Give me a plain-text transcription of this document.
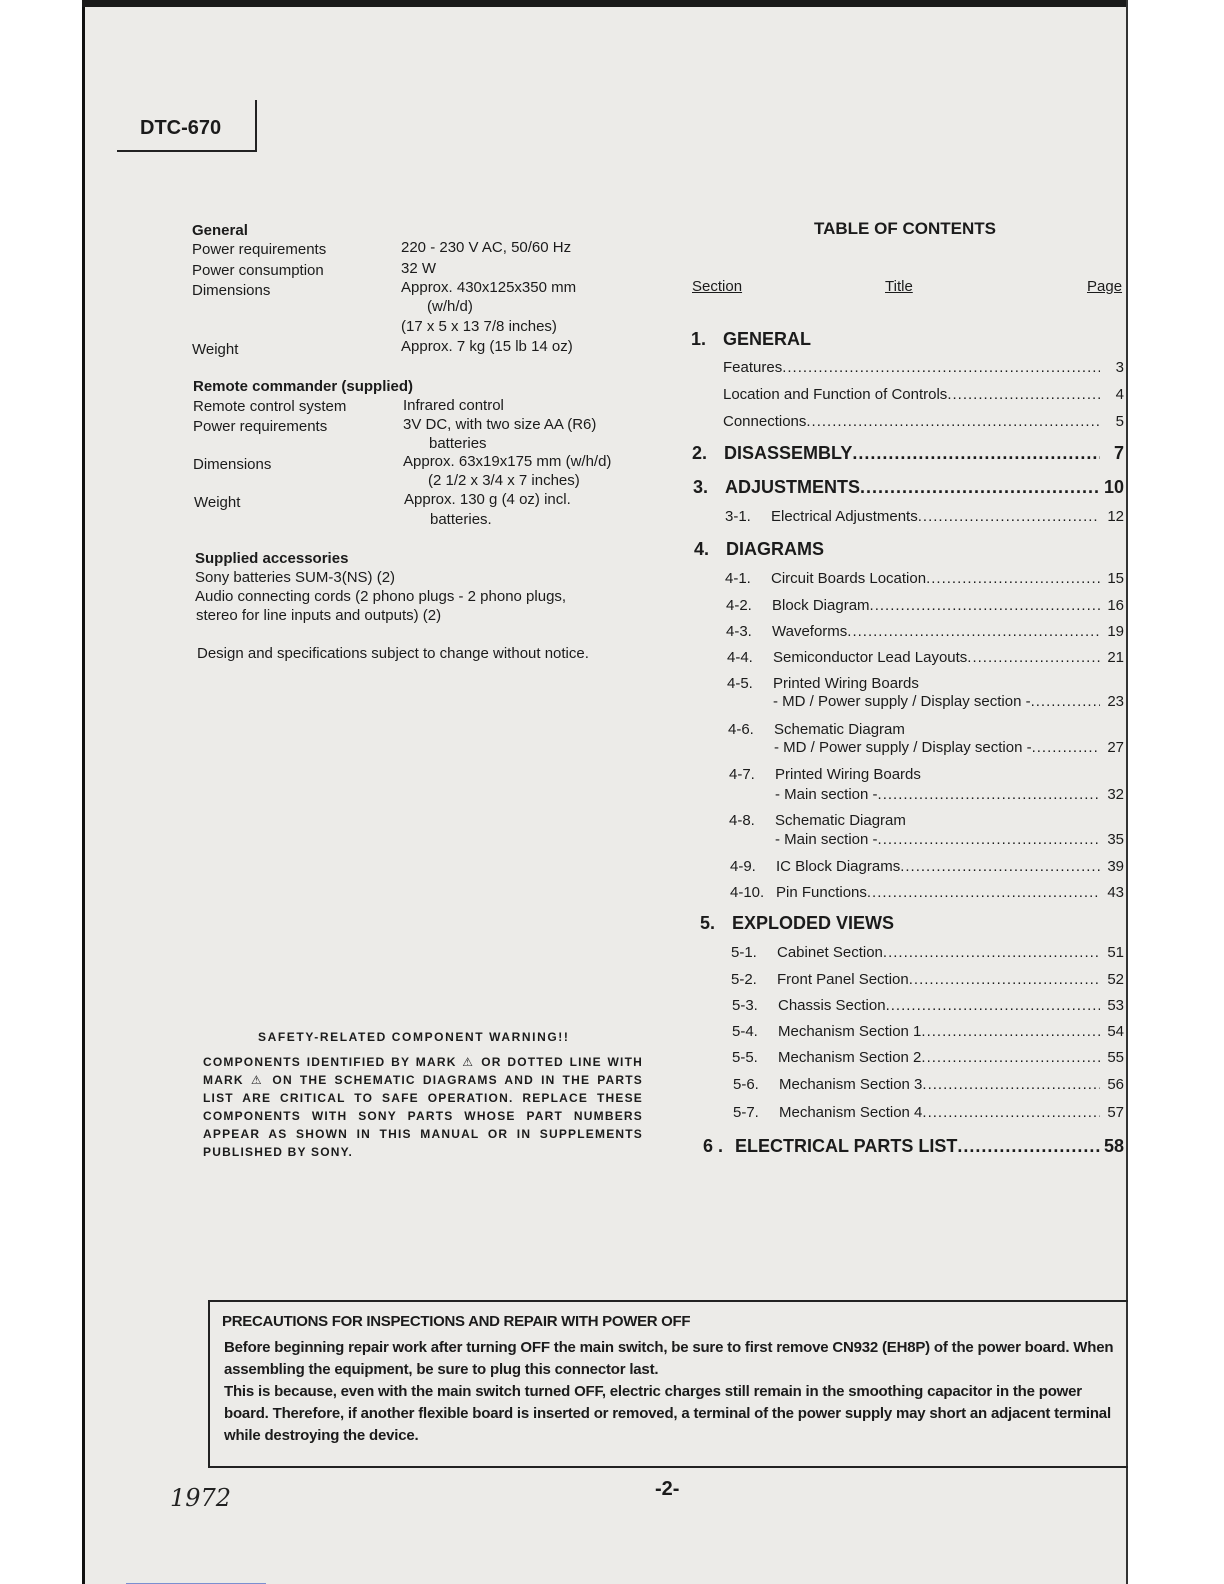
DTC-670
General
Power requirements	220 - 230 V AC, 50/60 Hz
Power consumption	32 W
Dimensions	Approx. 430x125x350 mm
(w/h/d)
(17 x 5 x 13 7/8 inches)
Weight	Approx. 7 kg (15 lb 14 oz)
Remote commander (supplied)
Remote control system	Infrared control
Power requirements	3V DC, with two size AA (R6)
batteries
Dimensions	Approx. 63x19x175 mm (w/h/d)
(2 1/2 x 3/4 x 7 inches)
Weight	Approx. 130 g (4 oz) incl.
batteries.
Supplied accessories
Sony batteries SUM-3(NS) (2)
Audio connecting cords (2 phono plugs - 2 phono plugs,
stereo for line inputs and outputs) (2)
Design and specifications subject to change without notice.
TABLE OF CONTENTS
Section	Title	Page
1. GENERAL
Features .....	3
Location and Function of Controls .....	4
Connections .....	5
2. DISASSEMBLY .....	7
3. ADJUSTMENTS .....	10
3-1.	Electrical Adjustments .....	12
4. DIAGRAMS
4-1.	Circuit Boards Location .....	15
4-2.	Block Diagram .....	16
4-3.	Waveforms .....	19
4-4.	Semiconductor Lead Layouts .....	21
4-5. Printed Wiring Boards
- MD / Power supply / Display section - .....	23
4-6. Schematic Diagram
- MD / Power supply / Display section - .....	27
4-7. Printed Wiring Boards
- Main section - .....	32
4-8. Schematic Diagram
- Main section - .....	35
4-9.	IC Block Diagrams .....	39
4-10. Pin Functions .....	43
5. EXPLODED VIEWS
5-1.	Cabinet Section .....	51
5-2.	Front Panel Section .....	52
5-3.	Chassis Section .....	53
5-4.	Mechanism Section 1 .....	54
5-5.	Mechanism Section 2 .....	55
5-6.	Mechanism Section 3 .....	56
5-7.	Mechanism Section 4 .....	57
6 . ELECTRICAL PARTS LIST .....	58
SAFETY-RELATED COMPONENT WARNING!!
COMPONENTS IDENTIFIED BY MARK ⚠ OR DOTTED LINE WITH MARK ⚠ ON THE SCHEMATIC DIAGRAMS AND IN THE PARTS LIST ARE CRITICAL TO SAFE OPERATION. REPLACE THESE COMPONENTS WITH SONY PARTS WHOSE PART NUMBERS APPEAR AS SHOWN IN THIS MANUAL OR IN SUPPLEMENTS PUBLISHED BY SONY.
PRECAUTIONS FOR INSPECTIONS AND REPAIR WITH POWER OFF
Before beginning repair work after turning OFF the main switch, be sure to first remove CN932 (EH8P) of the power board. When assembling the equipment, be sure to plug this connector last.
This is because, even with the main switch turned OFF, electric charges still remain in the smoothing capacitor in the power board. Therefore, if another flexible board is inserted or removed, a terminal of the power supply may short an adjacent terminal while destroying the device.
-2-
1972
